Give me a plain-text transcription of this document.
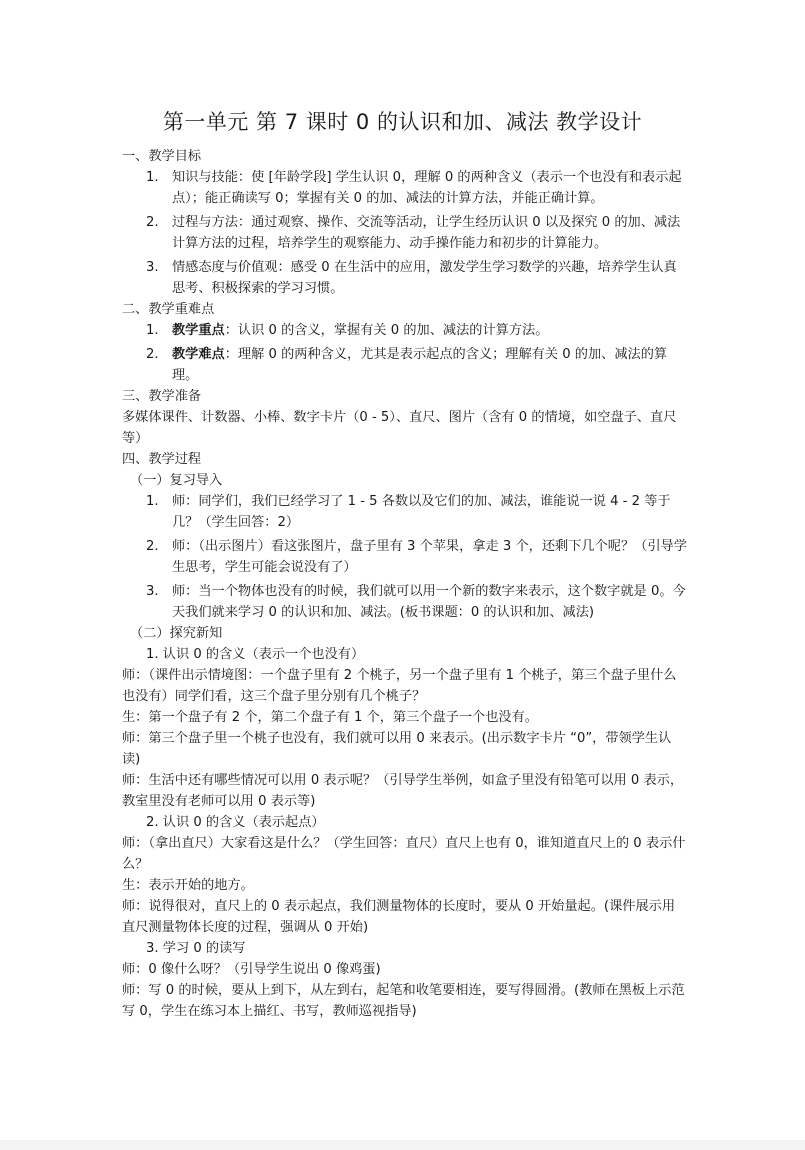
第一单元 第 7 课时 0 的认识和加、减法 教学设计

一、教学目标

1. 知识与技能：使 [年龄学段] 学生认识 0，理解 0 的两种含义（表示一个也没有和表示起点）；能正确读写 0；掌握有关 0 的加、减法的计算方法，并能正确计算。
2. 过程与方法：通过观察、操作、交流等活动，让学生经历认识 0 以及探究 0 的加、减法计算方法的过程，培养学生的观察能力、动手操作能力和初步的计算能力。
3. 情感态度与价值观：感受 0 在生活中的应用，激发学生学习数学的兴趣，培养学生认真思考、积极探索的学习习惯。

二、教学重难点

1. 教学重点：认识 0 的含义，掌握有关 0 的加、减法的计算方法。
2. 教学难点：理解 0 的两种含义，尤其是表示起点的含义；理解有关 0 的加、减法的算理。

三、教学准备

多媒体课件、计数器、小棒、数字卡片（0 - 5）、直尺、图片（含有 0 的情境，如空盘子、直尺等）

四、教学过程

（一）复习导入

1. 师：同学们，我们已经学习了 1 - 5 各数以及它们的加、减法，谁能说一说 4 - 2 等于几？（学生回答：2）
2. 师：（出示图片）看这张图片，盘子里有 3 个苹果，拿走 3 个，还剩下几个呢？（引导学生思考，学生可能会说没有了）
3. 师：当一个物体也没有的时候，我们就可以用一个新的数字来表示，这个数字就是 0。今天我们就来学习 0 的认识和加、减法。(板书课题：0 的认识和加、减法)

（二）探究新知

1. 认识 0 的含义（表示一个也没有）

师：（课件出示情境图：一个盘子里有 2 个桃子，另一个盘子里有 1 个桃子，第三个盘子里什么也没有）同学们看，这三个盘子里分别有几个桃子？

生：第一个盘子有 2 个，第二个盘子有 1 个，第三个盘子一个也没有。

师：第三个盘子里一个桃子也没有，我们就可以用 0 来表示。(出示数字卡片 “0”，带领学生认读)

师：生活中还有哪些情况可以用 0 表示呢？（引导学生举例，如盒子里没有铅笔可以用 0 表示，教室里没有老师可以用 0 表示等)

2. 认识 0 的含义（表示起点）

师：（拿出直尺）大家看这是什么？（学生回答：直尺）直尺上也有 0，谁知道直尺上的 0 表示什么？

生：表示开始的地方。

师：说得很对，直尺上的 0 表示起点，我们测量物体的长度时，要从 0 开始量起。(课件展示用直尺测量物体长度的过程，强调从 0 开始)

3. 学习 0 的读写

师：0 像什么呀？（引导学生说出 0 像鸡蛋)

师：写 0 的时候，要从上到下，从左到右，起笔和收笔要相连，要写得圆滑。(教师在黑板上示范写 0，学生在练习本上描红、书写，教师巡视指导)
